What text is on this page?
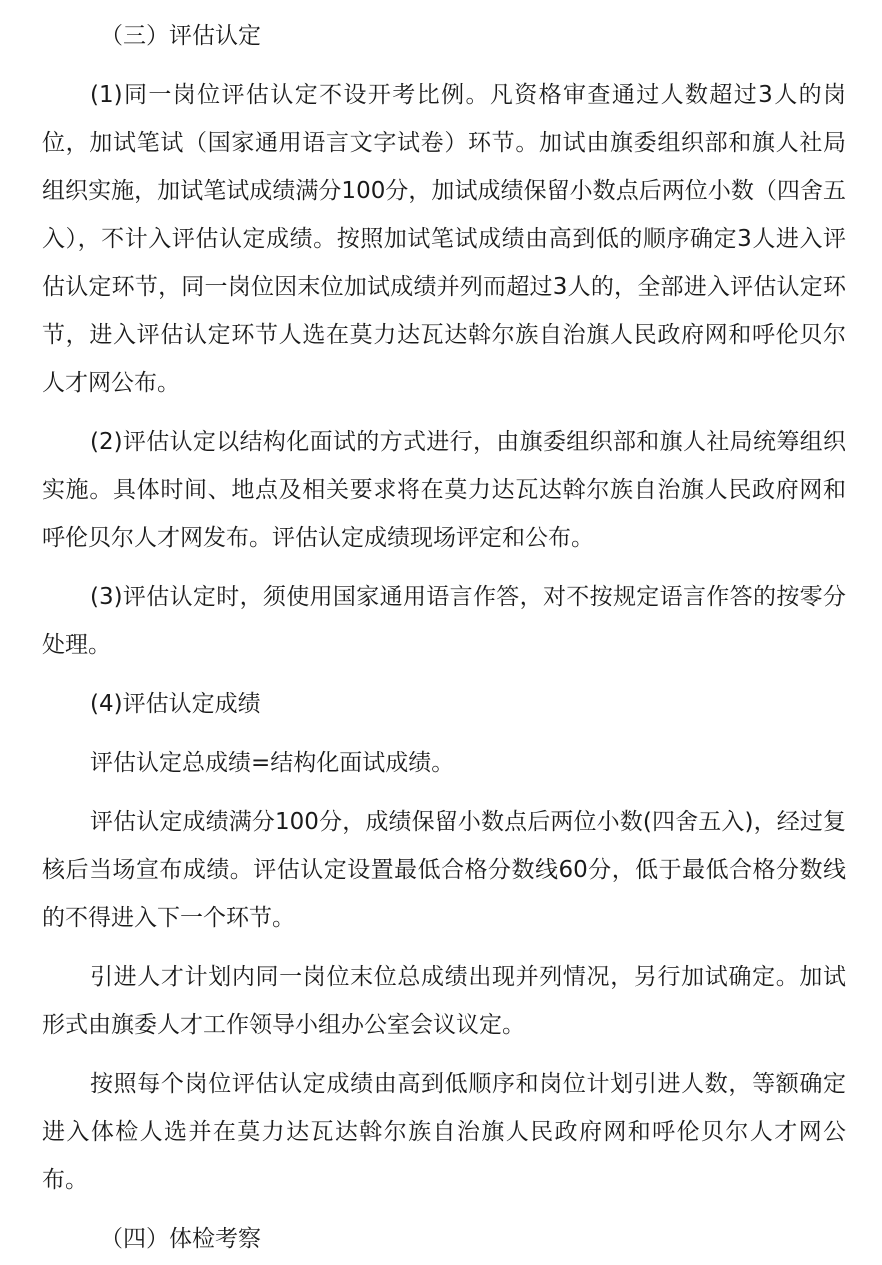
（三）评估认定

(1)同一岗位评估认定不设开考比例。凡资格审查通过人数超过3人的岗位，加试笔试（国家通用语言文字试卷）环节。加试由旗委组织部和旗人社局组织实施，加试笔试成绩满分100分，加试成绩保留小数点后两位小数（四舍五入），不计入评估认定成绩。按照加试笔试成绩由高到低的顺序确定3人进入评估认定环节，同一岗位因末位加试成绩并列而超过3人的，全部进入评估认定环节，进入评估认定环节人选在莫力达瓦达斡尔族自治旗人民政府网和呼伦贝尔人才网公布。

(2)评估认定以结构化面试的方式进行，由旗委组织部和旗人社局统筹组织实施。具体时间、地点及相关要求将在莫力达瓦达斡尔族自治旗人民政府网和呼伦贝尔人才网发布。评估认定成绩现场评定和公布。

(3)评估认定时，须使用国家通用语言作答，对不按规定语言作答的按零分处理。

(4)评估认定成绩

评估认定总成绩=结构化面试成绩。

评估认定成绩满分100分，成绩保留小数点后两位小数(四舍五入)，经过复核后当场宣布成绩。评估认定设置最低合格分数线60分，低于最低合格分数线的不得进入下一个环节。

引进人才计划内同一岗位末位总成绩出现并列情况，另行加试确定。加试形式由旗委人才工作领导小组办公室会议议定。

按照每个岗位评估认定成绩由高到低顺序和岗位计划引进人数，等额确定进入体检人选并在莫力达瓦达斡尔族自治旗人民政府网和呼伦贝尔人才网公布。

（四）体检考察
